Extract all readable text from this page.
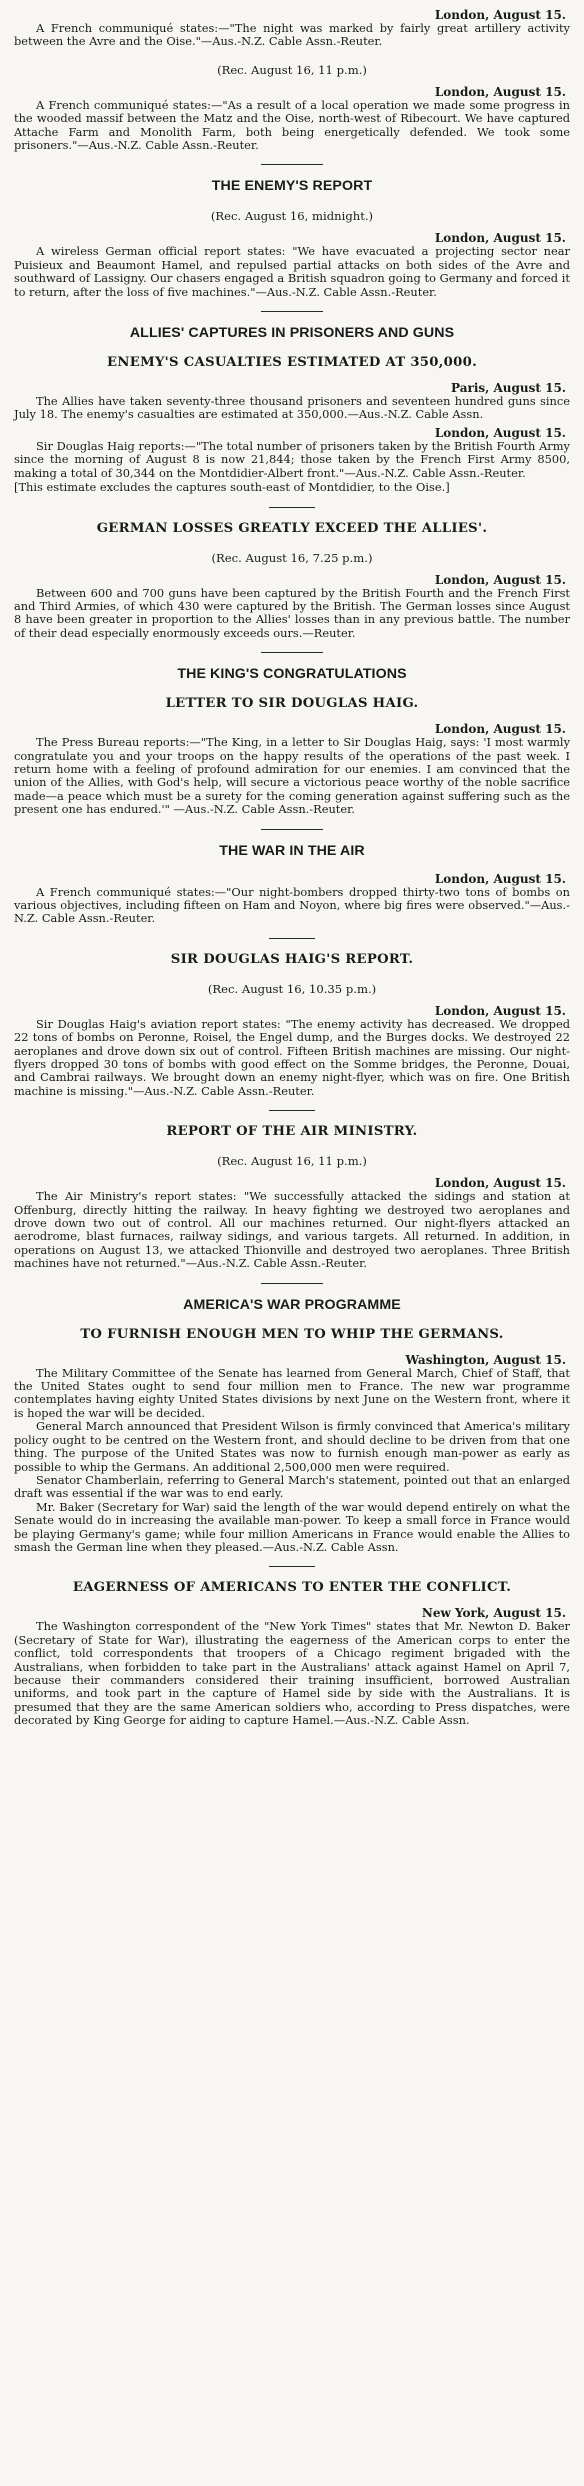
London, August 15.

A French communiqué states:—"The night was marked by fairly great artillery activity between the Avre and the Oise."—Aus.-N.Z. Cable Assn.-Reuter.

(Rec. August 16, 11 p.m.)

London, August 15.

A French communiqué states:—"As a result of a local operation we made some progress in the wooded massif between the Matz and the Oise, north-west of Ribecourt. We have captured Attache Farm and Monolith Farm, both being energetically defended. We took some prisoners."—Aus.-N.Z. Cable Assn.-Reuter.

THE ENEMY'S REPORT

(Rec. August 16, midnight.)

London, August 15.

A wireless German official report states: "We have evacuated a projecting sector near Puisieux and Beaumont Hamel, and repulsed partial attacks on both sides of the Avre and southward of Lassigny. Our chasers engaged a British squadron going to Germany and forced it to return, after the loss of five machines."—Aus.-N.Z. Cable Assn.-Reuter.

ALLIES' CAPTURES IN PRISONERS AND GUNS
ENEMY'S CASUALTIES ESTIMATED AT 350,000.

Paris, August 15.

The Allies have taken seventy-three thousand prisoners and seventeen hundred guns since July 18. The enemy's casualties are estimated at 350,000.—Aus.-N.Z. Cable Assn.

London, August 15.

Sir Douglas Haig reports:—"The total number of prisoners taken by the British Fourth Army since the morning of August 8 is now 21,844; those taken by the French First Army 8500, making a total of 30,344 on the Montdidier-Albert front."—Aus.-N.Z. Cable Assn.-Reuter.

[This estimate excludes the captures south-east of Montdidier, to the Oise.]

GERMAN LOSSES GREATLY EXCEED THE ALLIES'.

(Rec. August 16, 7.25 p.m.)

London, August 15.

Between 600 and 700 guns have been captured by the British Fourth and the French First and Third Armies, of which 430 were captured by the British. The German losses since August 8 have been greater in proportion to the Allies' losses than in any previous battle. The number of their dead especially enormously exceeds ours.—Reuter.

THE KING'S CONGRATULATIONS
LETTER TO SIR DOUGLAS HAIG.

London, August 15.

The Press Bureau reports:—"The King, in a letter to Sir Douglas Haig, says: 'I most warmly congratulate you and your troops on the happy results of the operations of the past week. I return home with a feeling of profound admiration for our enemies. I am convinced that the union of the Allies, with God's help, will secure a victorious peace worthy of the noble sacrifice made—a peace which must be a surety for the coming generation against suffering such as the present one has endured.'" —Aus.-N.Z. Cable Assn.-Reuter.

THE WAR IN THE AIR

London, August 15.

A French communiqué states:—"Our night-bombers dropped thirty-two tons of bombs on various objectives, including fifteen on Ham and Noyon, where big fires were observed."—Aus.-N.Z. Cable Assn.-Reuter.

SIR DOUGLAS HAIG'S REPORT.

(Rec. August 16, 10.35 p.m.)

London, August 15.

Sir Douglas Haig's aviation report states: "The enemy activity has decreased. We dropped 22 tons of bombs on Peronne, Roisel, the Engel dump, and the Burges docks. We destroyed 22 aeroplanes and drove down six out of control. Fifteen British machines are missing. Our night-flyers dropped 30 tons of bombs with good effect on the Somme bridges, the Peronne, Douai, and Cambrai railways. We brought down an enemy night-flyer, which was on fire. One British machine is missing."—Aus.-N.Z. Cable Assn.-Reuter.

REPORT OF THE AIR MINISTRY.

(Rec. August 16, 11 p.m.)

London, August 15.

The Air Ministry's report states: "We successfully attacked the sidings and station at Offenburg, directly hitting the railway. In heavy fighting we destroyed two aeroplanes and drove down two out of control. All our machines returned. Our night-flyers attacked an aerodrome, blast furnaces, railway sidings, and various targets. All returned. In addition, in operations on August 13, we attacked Thionville and destroyed two aeroplanes. Three British machines have not returned."—Aus.-N.Z. Cable Assn.-Reuter.

AMERICA'S WAR PROGRAMME
TO FURNISH ENOUGH MEN TO WHIP THE GERMANS.

Washington, August 15.

The Military Committee of the Senate has learned from General March, Chief of Staff, that the United States ought to send four million men to France. The new war programme contemplates having eighty United States divisions by next June on the Western front, where it is hoped the war will be decided.

General March announced that President Wilson is firmly convinced that America's military policy ought to be centred on the Western front, and should decline to be driven from that one thing. The purpose of the United States was now to furnish enough man-power as early as possible to whip the Germans. An additional 2,500,000 men were required.

Senator Chamberlain, referring to General March's statement, pointed out that an enlarged draft was essential if the war was to end early.

Mr. Baker (Secretary for War) said the length of the war would depend entirely on what the Senate would do in increasing the available man-power. To keep a small force in France would be playing Germany's game; while four million Americans in France would enable the Allies to smash the German line when they pleased.—Aus.-N.Z. Cable Assn.

EAGERNESS OF AMERICANS TO ENTER THE CONFLICT.

New York, August 15.

The Washington correspondent of the "New York Times" states that Mr. Newton D. Baker (Secretary of State for War), illustrating the eagerness of the American corps to enter the conflict, told correspondents that troopers of a Chicago regiment brigaded with the Australians, when forbidden to take part in the Australians' attack against Hamel on April 7, because their commanders considered their training insufficient, borrowed Australian uniforms, and took part in the capture of Hamel side by side with the Australians. It is presumed that they are the same American soldiers who, according to Press dispatches, were decorated by King George for aiding to capture Hamel.—Aus.-N.Z. Cable Assn.
